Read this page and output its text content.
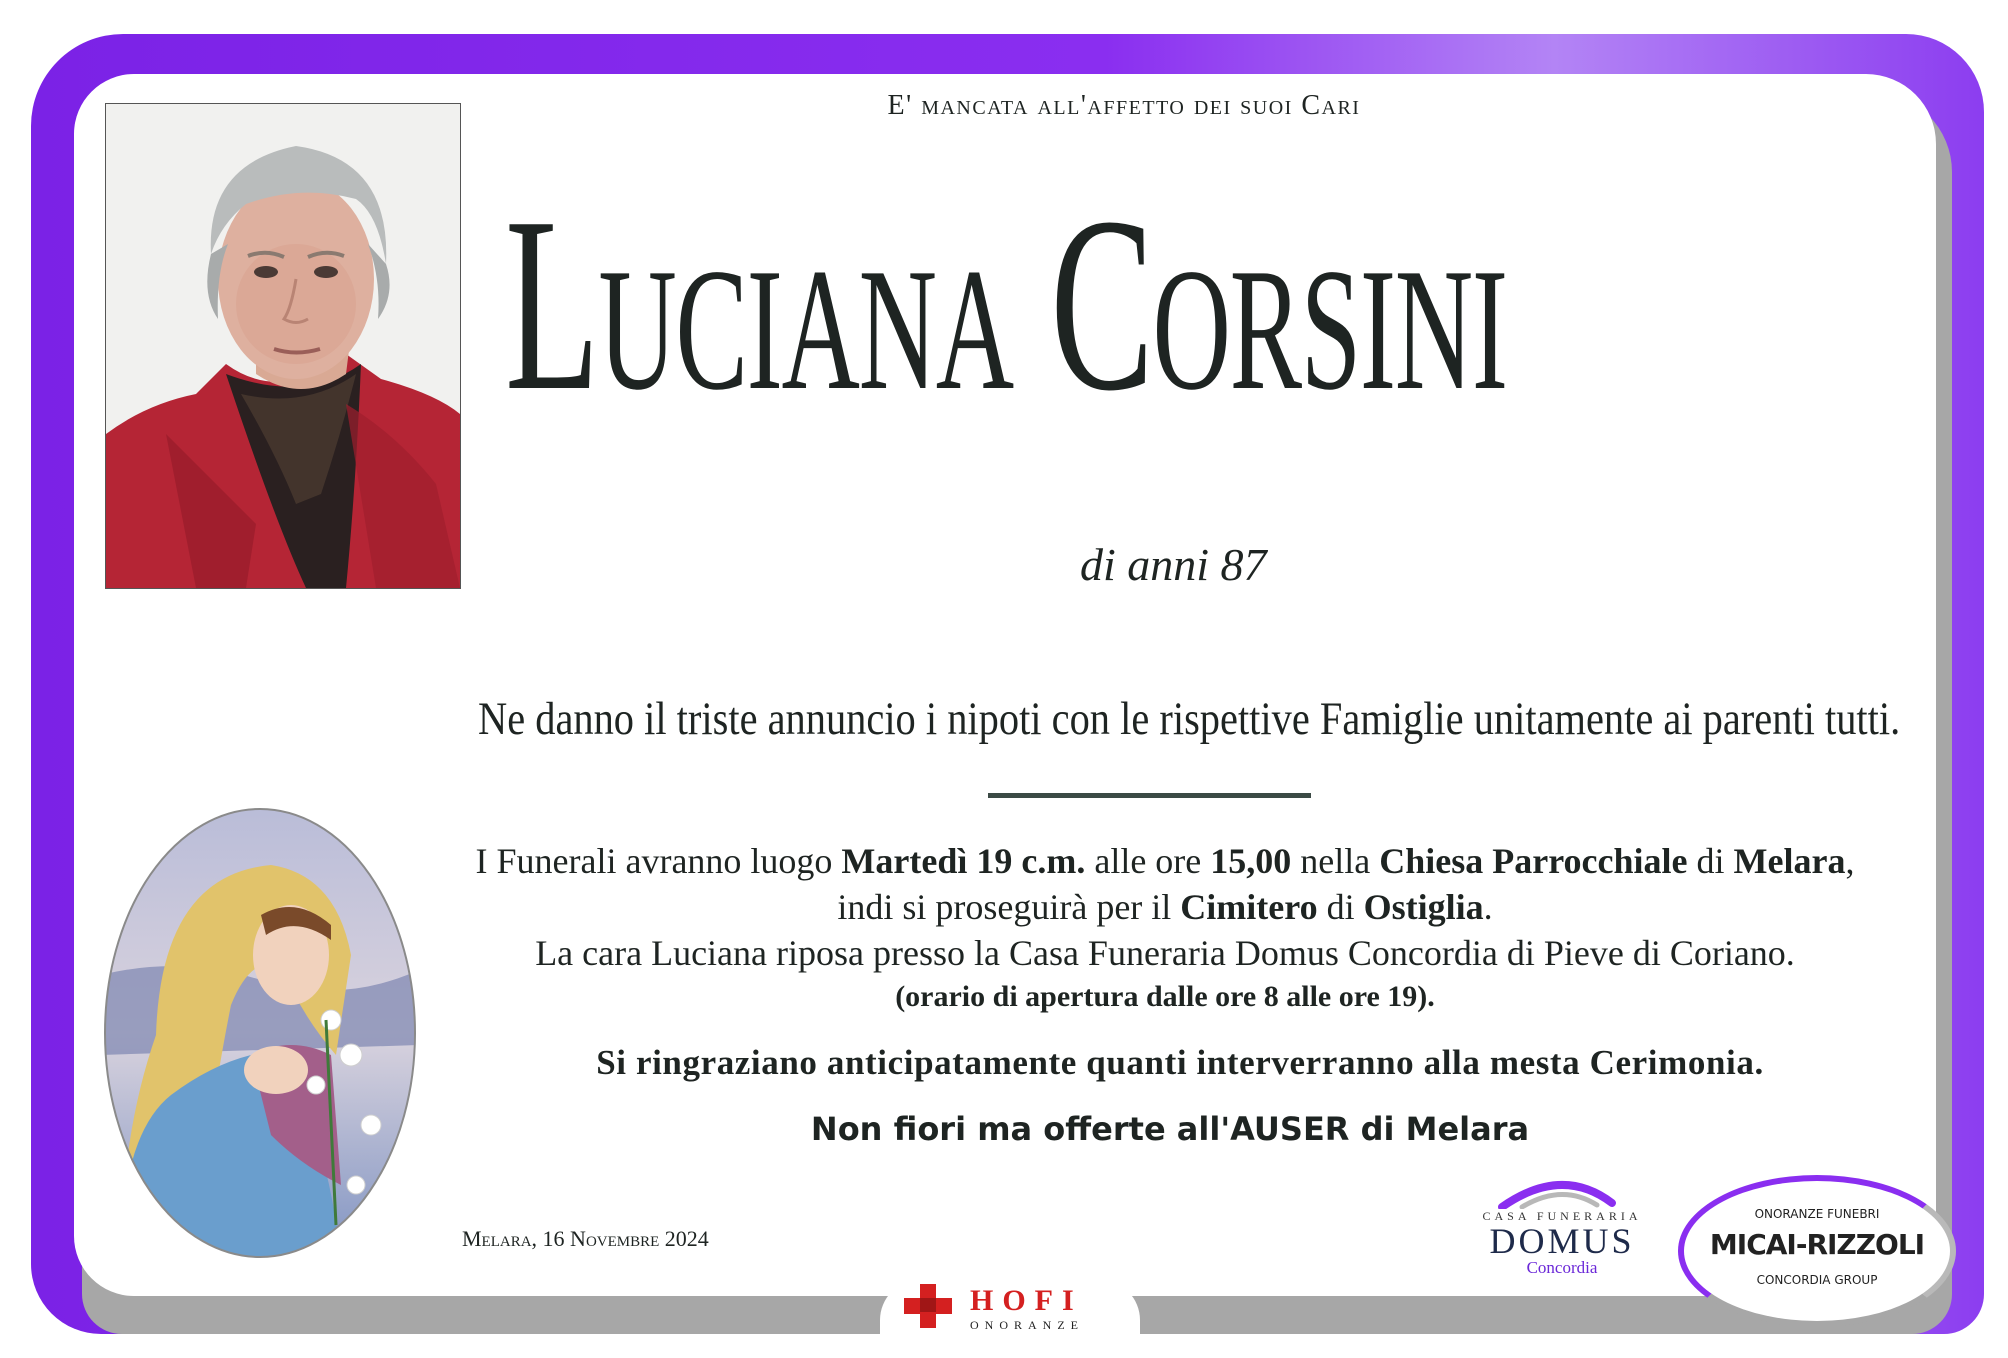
E' mancata all'affetto dei suoi Cari
Luciana Corsini
di anni 87
Ne danno il triste annuncio i nipoti con le rispettive Famiglie unitamente ai parenti tutti.
I Funerali avranno luogo Martedì 19 c.m. alle ore 15,00 nella Chiesa Parrocchiale di Melara,
indi si proseguirà per il Cimitero di Ostiglia.
La cara Luciana riposa presso la Casa Funeraria Domus Concordia di Pieve di Coriano.
(orario di apertura dalle ore 8 alle ore 19).
Si ringraziano anticipatamente quanti interverranno alla mesta Cerimonia.
Non fiori ma offerte all'AUSER di Melara
Melara, 16 Novembre 2024
CASA FUNERARIA
DOMUS
Concordia
ONORANZE FUNEBRI
MICAI-RIZZOLI
CONCORDIA GROUP
HOFI
ONORANZE
